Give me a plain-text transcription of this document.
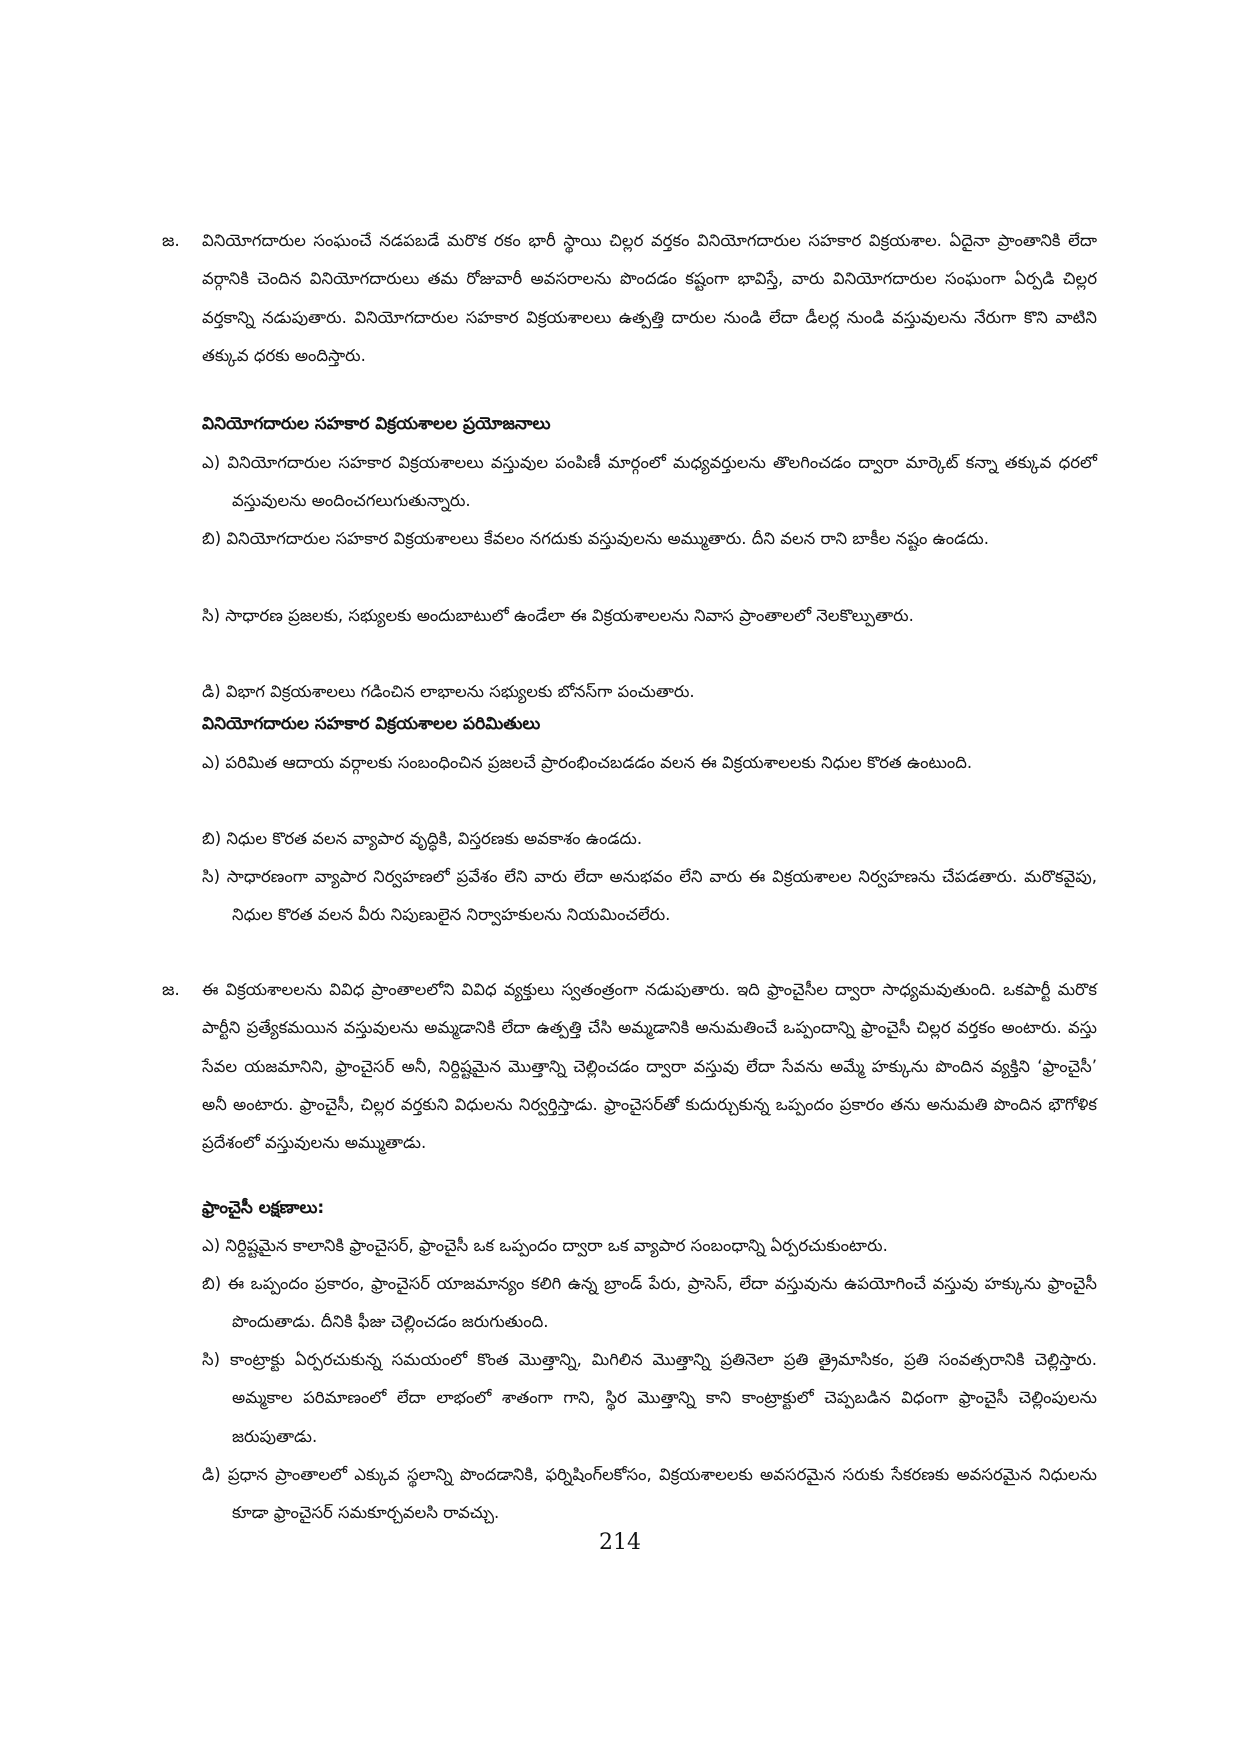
జ. వినియోగదారుల సంఘంచే నడపబడే మరొక రకం భారీ స్థాయి చిల్లర వర్తకం వినియోగదారుల సహకార విక్రయశాల. ఏదైనా ప్రాంతానికి లేదా వర్గానికి చెందిన వినియోగదారులు తమ రోజువారీ అవసరాలను పొందడం కష్టంగా భావిస్తే, వారు వినియోగదారుల సంఘంగా ఏర్పడి చిల్లర వర్తకాన్ని నడుపుతారు. వినియోగదారుల సహకార విక్రయశాలలు ఉత్పత్తి దారుల నుండి లేదా డీలర్ల నుండి వస్తువులను నేరుగా కొని వాటిని తక్కువ ధరకు అందిస్తారు.

వినియోగదారుల సహకార విక్రయశాలల ప్రయోజనాలు

ఎ) వినియోగదారుల సహకార విక్రయశాలలు వస్తువుల పంపిణీ మార్గంలో మధ్యవర్తులను తొలగించడం ద్వారా మార్కెట్ కన్నా తక్కువ ధరలో వస్తువులను అందించగలుగుతున్నారు.

బి) వినియోగదారుల సహకార విక్రయశాలలు కేవలం నగదుకు వస్తువులను అమ్ముతారు. దీని వలన రాని బాకీల నష్టం ఉండదు.

సి) సాధారణ ప్రజలకు, సభ్యులకు అందుబాటులో ఉండేలా ఈ విక్రయశాలలను నివాస ప్రాంతాలలో నెలకొల్పుతారు.

డి) విభాగ విక్రయశాలలు గడించిన లాభాలను సభ్యులకు బోనస్‌గా పంచుతారు.

వినియోగదారుల సహకార విక్రయశాలల పరిమితులు

ఎ) పరిమిత ఆదాయ వర్గాలకు సంబంధించిన ప్రజలచే ప్రారంభించబడడం వలన ఈ విక్రయశాలలకు నిధుల కొరత ఉంటుంది.

బి) నిధుల కొరత వలన వ్యాపార వృద్ధికి, విస్తరణకు అవకాశం ఉండదు.

సి) సాధారణంగా వ్యాపార నిర్వహణలో ప్రవేశం లేని వారు లేదా అనుభవం లేని వారు ఈ విక్రయశాలల నిర్వహణను చేపడతారు. మరొకవైపు, నిధుల కొరత వలన వీరు నిపుణులైన నిర్వాహకులను నియమించలేరు.

జ. ఈ విక్రయశాలలను వివిధ ప్రాంతాలలోని వివిధ వ్యక్తులు స్వతంత్రంగా నడుపుతారు. ఇది ఫ్రాంచైసీల ద్వారా సాధ్యమవుతుంది. ఒకపార్టీ మరొక పార్టీని ప్రత్యేకమయిన వస్తువులను అమ్మడానికి లేదా ఉత్పత్తి చేసి అమ్మడానికి అనుమతించే ఒప్పందాన్ని ఫ్రాంచైసీ చిల్లర వర్తకం అంటారు. వస్తు సేవల యజమానిని, ఫ్రాంచైసర్ అనీ, నిర్దిష్టమైన మొత్తాన్ని చెల్లించడం ద్వారా వస్తువు లేదా సేవను అమ్మే హక్కును పొందిన వ్యక్తిని ‘ఫ్రాంచైసీ’ అనీ అంటారు. ఫ్రాంచైసీ, చిల్లర వర్తకుని విధులను నిర్వర్తిస్తాడు. ఫ్రాంచైసర్‌తో కుదుర్చుకున్న ఒప్పందం ప్రకారం తను అనుమతి పొందిన భౌగోళిక ప్రదేశంలో వస్తువులను అమ్ముతాడు.

ఫ్రాంచైసీ లక్షణాలు:

ఎ) నిర్దిష్టమైన కాలానికి ఫ్రాంచైసర్, ఫ్రాంచైసీ ఒక ఒప్పందం ద్వారా ఒక వ్యాపార సంబంధాన్ని ఏర్పరచుకుంటారు.

బి) ఈ ఒప్పందం ప్రకారం, ఫ్రాంచైసర్ యాజమాన్యం కలిగి ఉన్న బ్రాండ్ పేరు, ప్రాసెస్, లేదా వస్తువును ఉపయోగించే వస్తువు హక్కును ఫ్రాంచైసీ పొందుతాడు. దీనికి ఫీజు చెల్లించడం జరుగుతుంది.

సి) కాంట్రాక్టు ఏర్పరచుకున్న సమయంలో కొంత మొత్తాన్ని, మిగిలిన మొత్తాన్ని ప్రతినెలా ప్రతి త్రైమాసికం, ప్రతి సంవత్సరానికి చెల్లిస్తారు. అమ్మకాల పరిమాణంలో లేదా లాభంలో శాతంగా గాని, స్థిర మొత్తాన్ని కాని కాంట్రాక్టులో చెప్పబడిన విధంగా ఫ్రాంచైసీ చెల్లింపులను జరుపుతాడు.

డి) ప్రధాన ప్రాంతాలలో ఎక్కువ స్థలాన్ని పొందడానికి, ఫర్నిషింగ్‌లకోసం, విక్రయశాలలకు అవసరమైన సరుకు సేకరణకు అవసరమైన నిధులను కూడా ఫ్రాంచైసర్ సమకూర్చవలసి రావచ్చు.

214
